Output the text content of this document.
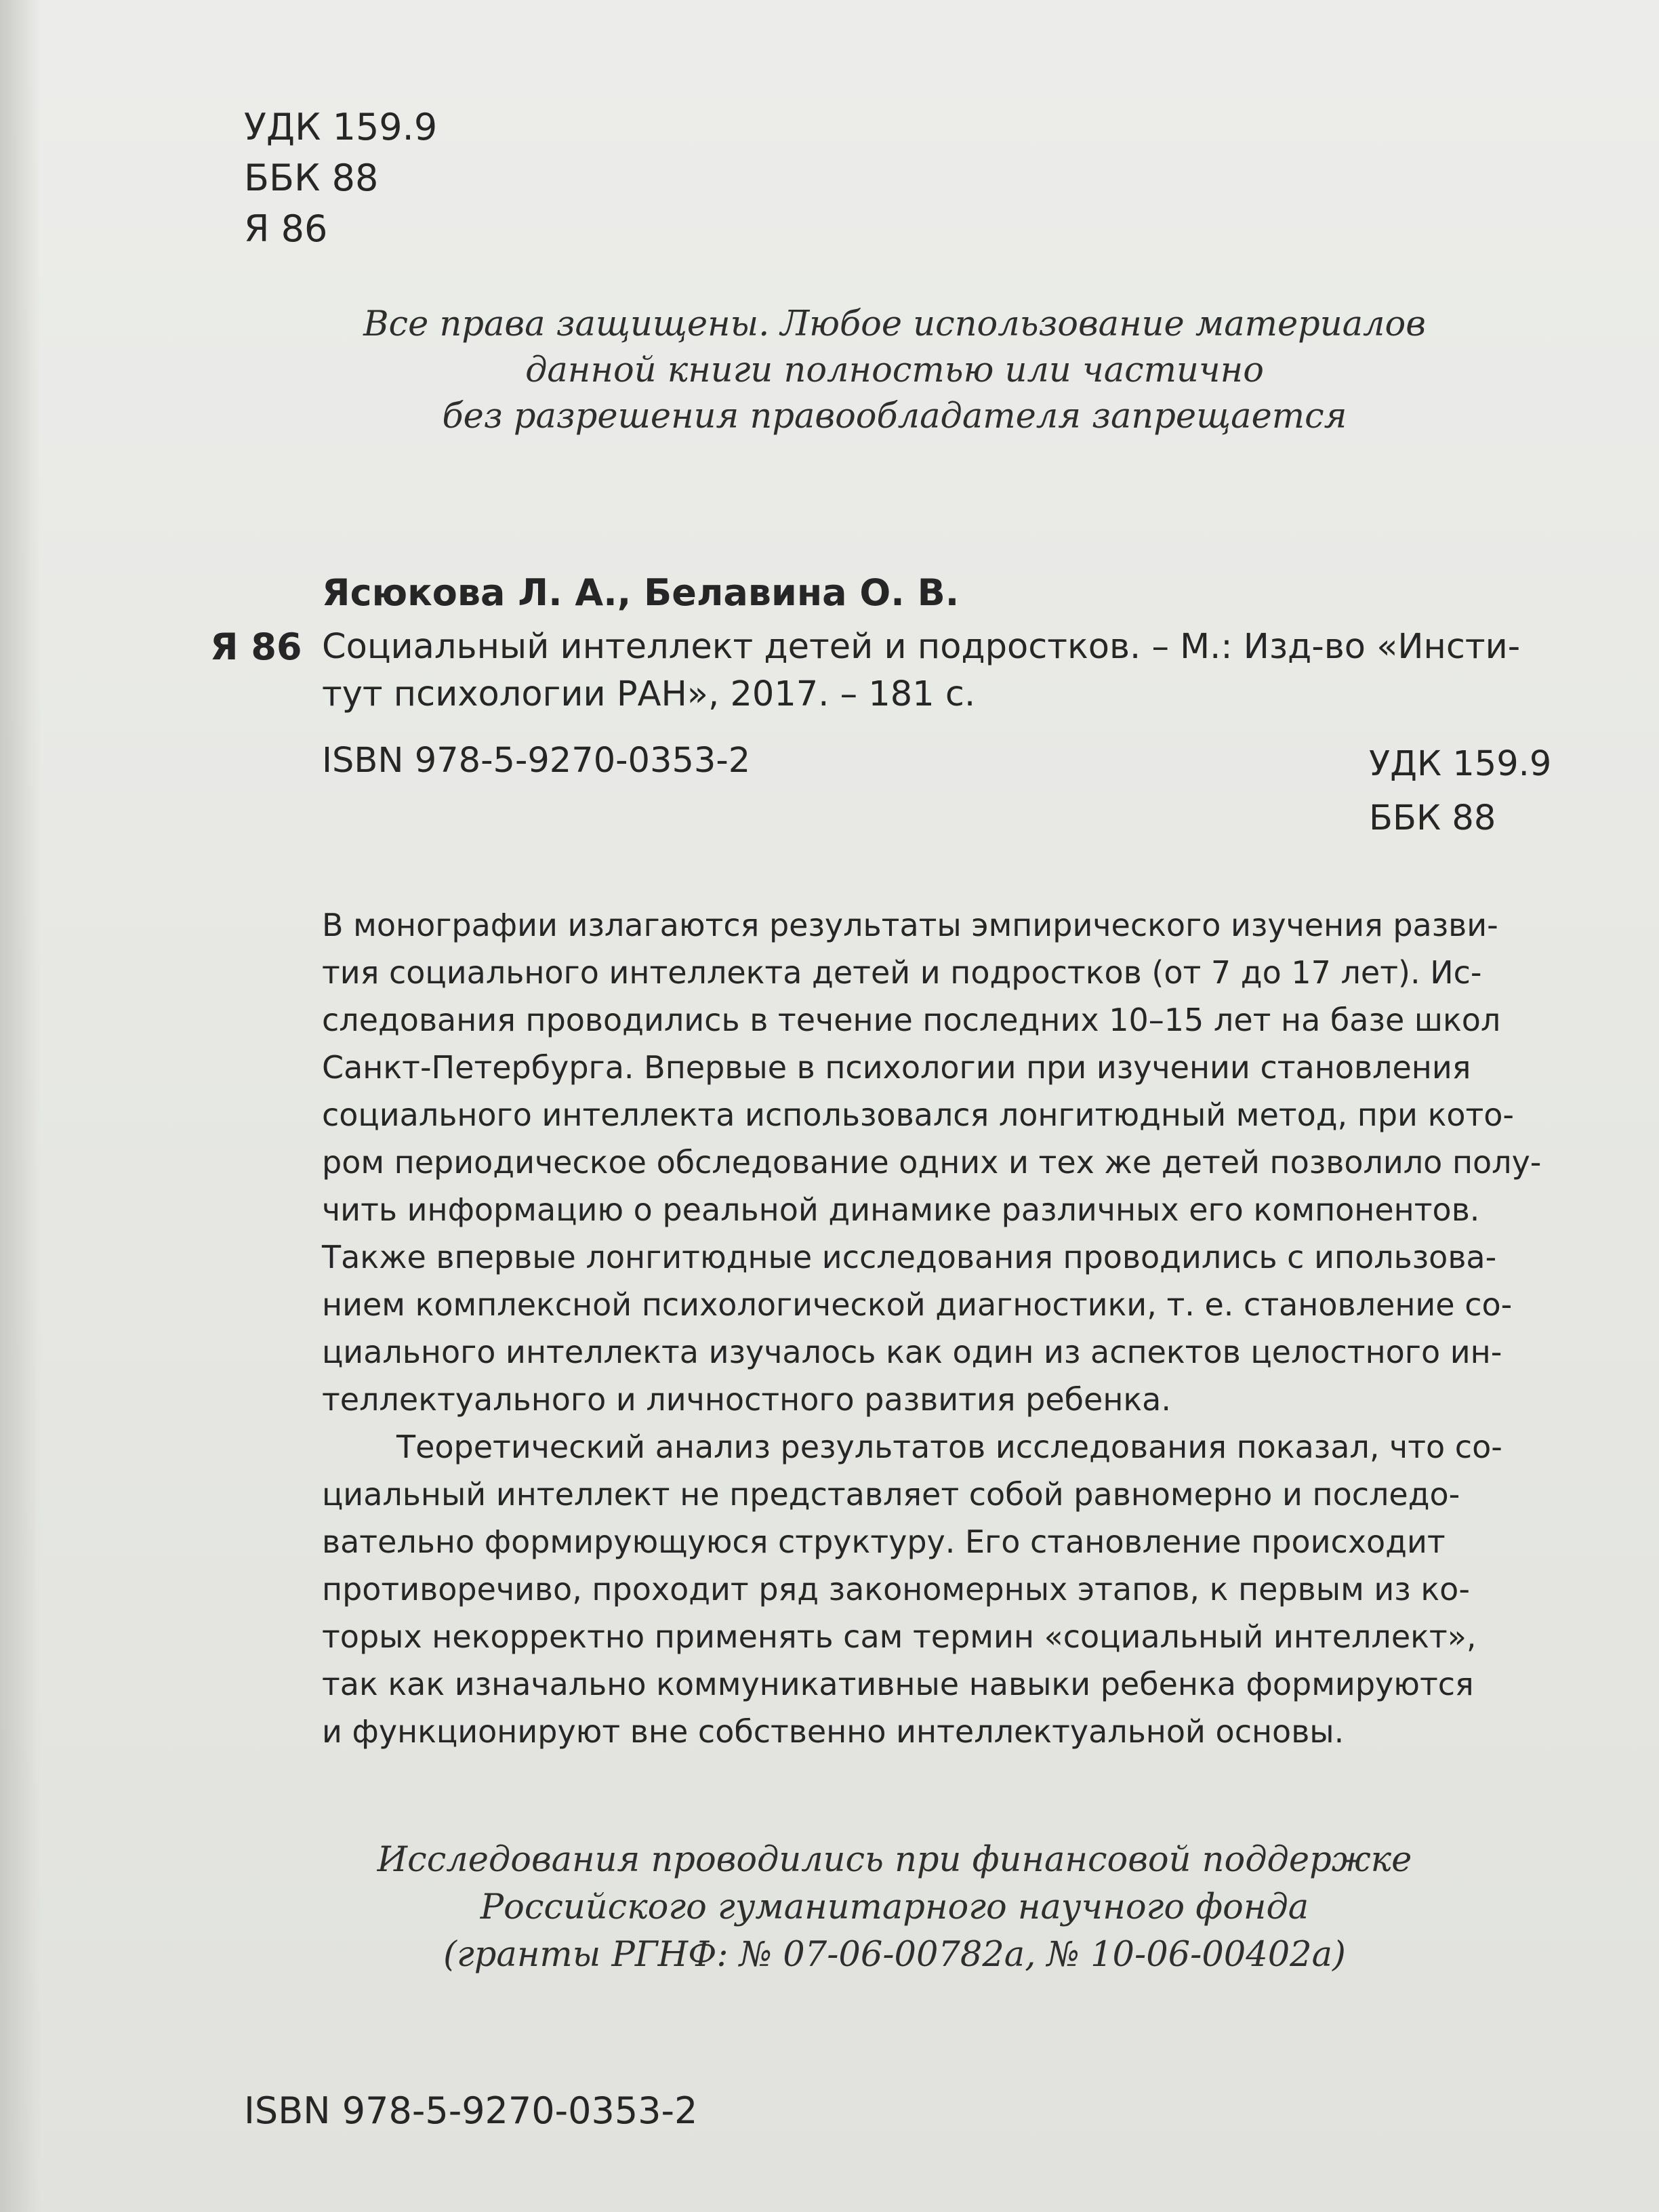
УДК 159.9
ББК 88
Я 86
Все права защищены. Любое использование материалов
данной книги полностью или частично
без разрешения правообладателя запрещается
Ясюкова Л. А., Белавина О. В.
Я 86 Социальный интеллект детей и подростков. – М.: Изд-во «Инсти-
тут психологии РАН», 2017. – 181 с.
ISBN 978-5-9270-0353-2	УДК 159.9
ББК 88
В монографии излагаются результаты эмпирического изучения разви-
тия социального интеллекта детей и подростков (от 7 до 17 лет). Ис-
следования проводились в течение последних 10–15 лет на базе школ
Санкт-Петербурга. Впервые в психологии при изучении становления
социального интеллекта использовался лонгитюдный метод, при кото-
ром периодическое обследование одних и тех же детей позволило полу-
чить информацию о реальной динамике различных его компонентов.
Также впервые лонгитюдные исследования проводились с ипользова-
нием комплексной психологической диагностики, т. е. становление со-
циального интеллекта изучалось как один из аспектов целостного ин-
теллектуального и личностного развития ребенка.
Теоретический анализ результатов исследования показал, что со-
циальный интеллект не представляет собой равномерно и последо-
вательно формирующуюся структуру. Его становление происходит
противоречиво, проходит ряд закономерных этапов, к первым из ко-
торых некорректно применять сам термин «социальный интеллект»,
так как изначально коммуникативные навыки ребенка формируются
и функционируют вне собственно интеллектуальной основы.
Исследования проводились при финансовой поддержке
Российского гуманитарного научного фонда
(гранты РГНФ: № 07-06-00782а, № 10-06-00402а)
ISBN 978-5-9270-0353-2
